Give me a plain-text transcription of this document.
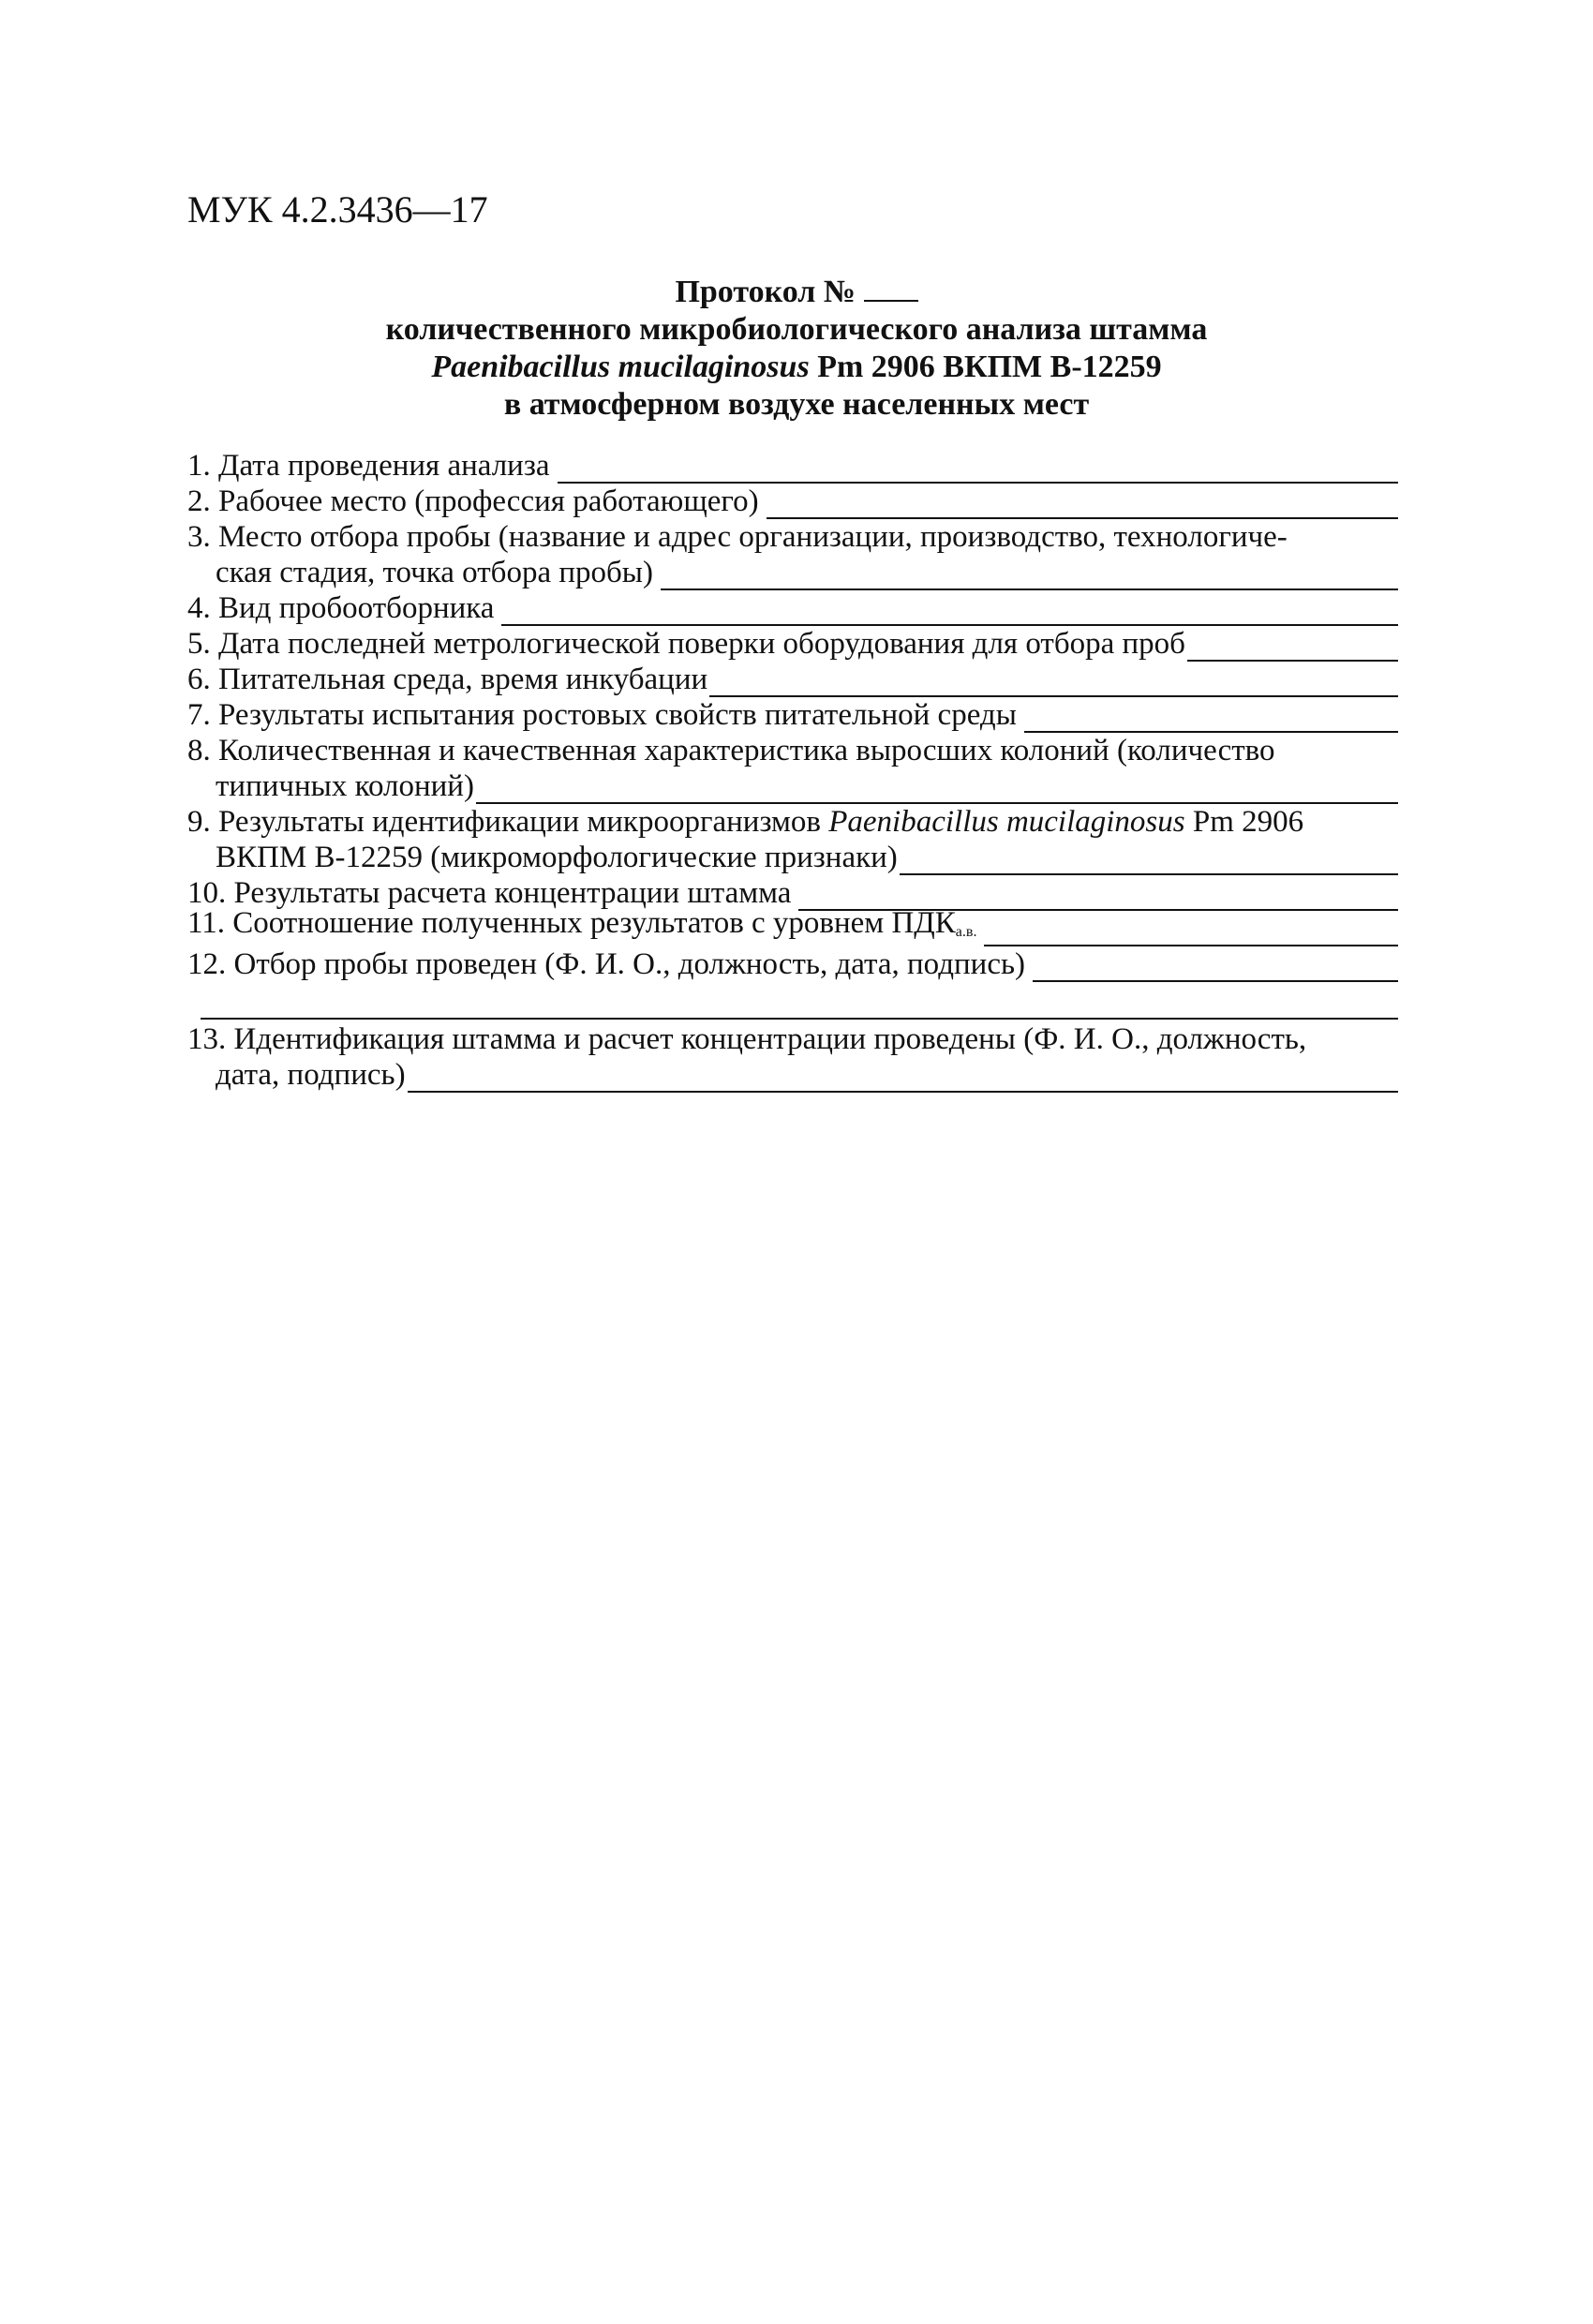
МУК 4.2.3436—17
Протокол №
количественного микробиологического анализа штамма
Paenibacillus mucilaginosus Pm 2906 ВКПМ В-12259
в атмосферном воздухе населенных мест
1. Дата проведения анализа
2. Рабочее место (профессия работающего)
3. Место отбора пробы (название и адрес организации, производство, технологиче-
ская стадия, точка отбора пробы)
4. Вид пробоотборника
5. Дата последней метрологической поверки оборудования для отбора проб
6. Питательная среда, время инкубации
7. Результаты испытания ростовых свойств питательной среды
8. Количественная и качественная характеристика выросших колоний (количество
типичных колоний)
9. Результаты идентификации микроорганизмов Paenibacillus mucilaginosus Pm 2906
ВКПМ В-12259 (микроморфологические признаки)
10. Результаты расчета концентрации штамма
11. Соотношение полученных результатов с уровнем $ПДК_{а.в.}$
12. Отбор пробы проведен (Ф. И. О., должность, дата, подпись)
13. Идентификация штамма и расчет концентрации проведены (Ф. И. О., должность,
дата, подпись)
